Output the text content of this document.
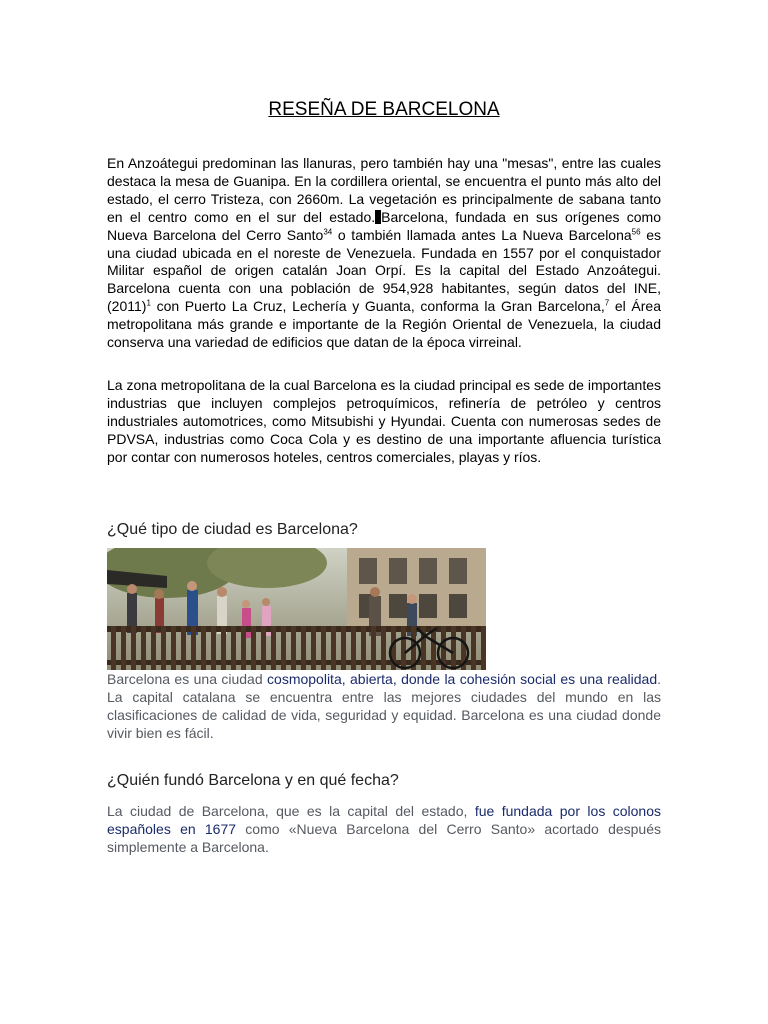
RESEÑA DE BARCELONA

En Anzoátegui predominan las llanuras, pero también hay una "mesas", entre las cuales destaca la mesa de Guanipa. En la cordillera oriental, se encuentra el punto más alto del estado, el cerro Tristeza, con 2660m. La vegetación es principalmente de sabana tanto en el centro como en el sur del estado. Barcelona, fundada en sus orígenes como Nueva Barcelona del Cerro Santo$^{34}$ o también llamada antes La Nueva Barcelona$^{56}$ es una ciudad ubicada en el noreste de Venezuela. Fundada en 1557 por el conquistador Militar español de origen catalán Joan Orpí. Es la capital del Estado Anzoátegui. Barcelona cuenta con una población de 954,928 habitantes, según datos del INE, $(2011)^1$ con Puerto La Cruz, Lechería y Guanta, conforma la Gran Barcelona,$^7$ el Área metropolitana más grande e importante de la Región Oriental de Venezuela, la ciudad conserva una variedad de edificios que datan de la época virreinal.

La zona metropolitana de la cual Barcelona es la ciudad principal es sede de importantes industrias que incluyen complejos petroquímicos, refinería de petróleo y centros industriales automotrices, como Mitsubishi y Hyundai. Cuenta con numerosas sedes de PDVSA, industrias como Coca Cola y es destino de una importante afluencia turística por contar con numerosos hoteles, centros comerciales, playas y ríos.

¿Qué tipo de ciudad es Barcelona?

Barcelona es una ciudad cosmopolita, abierta, donde la cohesión social es una realidad. La capital catalana se encuentra entre las mejores ciudades del mundo en las clasificaciones de calidad de vida, seguridad y equidad. Barcelona es una ciudad donde vivir bien es fácil.

¿Quién fundó Barcelona y en qué fecha?

La ciudad de Barcelona, que es la capital del estado, fue fundada por los colonos españoles en 1677 como «Nueva Barcelona del Cerro Santo» acortado después simplemente a Barcelona.
